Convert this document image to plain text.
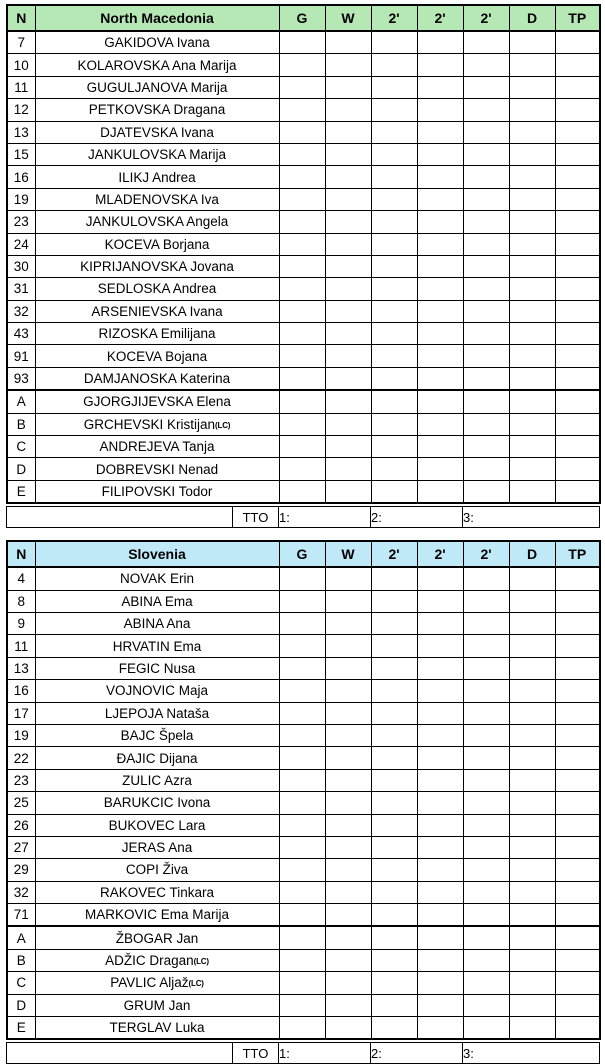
N	North Macedonia	G	W	2'	2'	2'	D	TP
7	GAKIDOVA Ivana							
10	KOLAROVSKA Ana Marija							
11	GUGULJANOVA Marija							
12	PETKOVSKA Dragana							
13	DJATEVSKA Ivana							
15	JANKULOVSKA Marija							
16	ILIKJ Andrea							
19	MLADENOVSKA Iva							
23	JANKULOVSKA Angela							
24	KOCEVA Borjana							
30	KIPRIJANOVSKA Jovana							
31	SEDLOSKA Andrea							
32	ARSENIEVSKA Ivana							
43	RIZOSKA Emilijana							
91	KOCEVA Bojana							
93	DAMJANOSKA Katerina							
A	GJORGJIJEVSKA Elena							
B	GRCHEVSKI Kristijan(LC)							
C	ANDREJEVA Tanja							
D	DOBREVSKI Nenad							
E	FILIPOVSKI Todor							
	TTO	1:	2:	3:
N	Slovenia	G	W	2'	2'	2'	D	TP
4	NOVAK Erin							
8	ABINA Ema							
9	ABINA Ana							
11	HRVATIN Ema							
13	FEGIC Nusa							
16	VOJNOVIC Maja							
17	LJEPOJA Nataša							
19	BAJC Špela							
22	ĐAJIC Dijana							
23	ZULIC Azra							
25	BARUKCIC Ivona							
26	BUKOVEC Lara							
27	JERAS Ana							
29	COPI Živa							
32	RAKOVEC Tinkara							
71	MARKOVIC Ema Marija							
A	ŽBOGAR Jan							
B	ADŽIC Dragan(LC)							
C	PAVLIC Aljaž(LC)							
D	GRUM Jan							
E	TERGLAV Luka							
	TTO	1:	2:	3:
